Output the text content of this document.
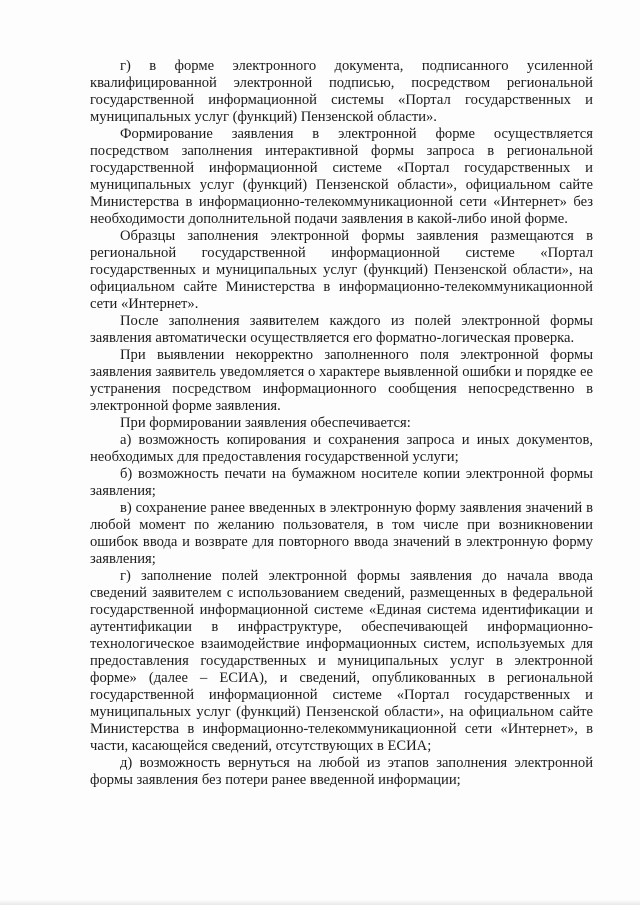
г) в форме электронного документа, подписанного усиленной квалифицированной электронной подписью, посредством региональной государственной информационной системы «Портал государственных и муниципальных услуг (функций) Пензенской области».

Формирование заявления в электронной форме осуществляется посредством заполнения интерактивной формы запроса в региональной государственной информационной системе «Портал государственных и муниципальных услуг (функций) Пензенской области», официальном сайте Министерства в информационно-телекоммуникационной сети «Интернет» без необходимости дополнительной подачи заявления в какой-либо иной форме.

Образцы заполнения электронной формы заявления размещаются в региональной государственной информационной системе «Портал государственных и муниципальных услуг (функций) Пензенской области», на официальном сайте Министерства в информационно-телекоммуникационной сети «Интернет».

После заполнения заявителем каждого из полей электронной формы заявления автоматически осуществляется его форматно-логическая проверка.

При выявлении некорректно заполненного поля электронной формы заявления заявитель уведомляется о характере выявленной ошибки и порядке ее устранения посредством информационного сообщения непосредственно в электронной форме заявления.

При формировании заявления обеспечивается:

а) возможность копирования и сохранения запроса и иных документов, необходимых для предоставления государственной услуги;

б) возможность печати на бумажном носителе копии электронной формы заявления;

в) сохранение ранее введенных в электронную форму заявления значений в любой момент по желанию пользователя, в том числе при возникновении ошибок ввода и возврате для повторного ввода значений в электронную форму заявления;

г) заполнение полей электронной формы заявления до начала ввода сведений заявителем с использованием сведений, размещенных в федеральной государственной информационной системе «Единая система идентификации и аутентификации в инфраструктуре, обеспечивающей информационно-технологическое взаимодействие информационных систем, используемых для предоставления государственных и муниципальных услуг в электронной форме» (далее – ЕСИА), и сведений, опубликованных в региональной государственной информационной системе «Портал государственных и муниципальных услуг (функций) Пензенской области», на официальном сайте Министерства в информационно-телекоммуникационной сети «Интернет», в части, касающейся сведений, отсутствующих в ЕСИА;

д) возможность вернуться на любой из этапов заполнения электронной формы заявления без потери ранее введенной информации;
